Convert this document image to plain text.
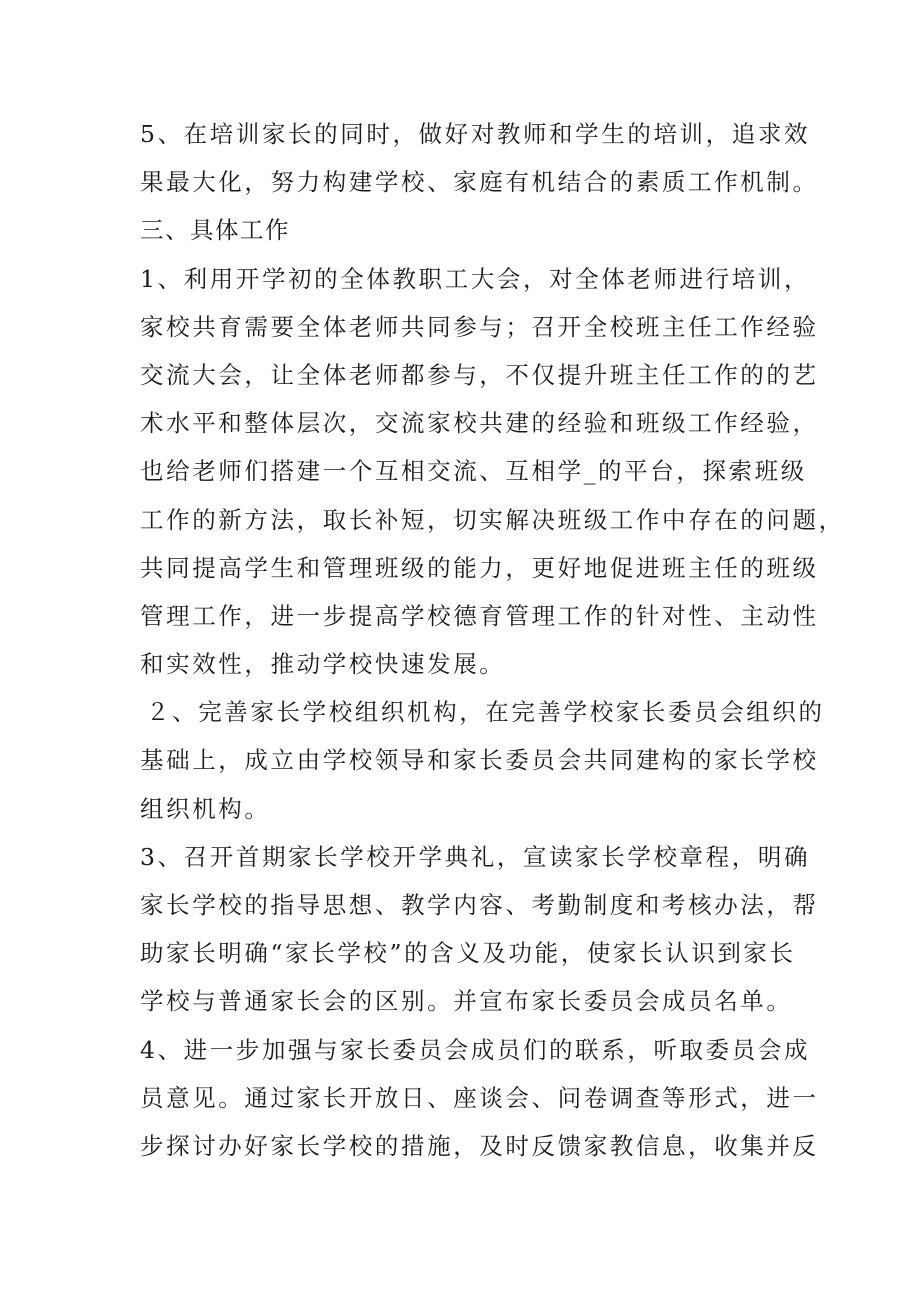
5、在培训家长的同时，做好对教师和学生的培训，追求效
果最大化，努力构建学校、家庭有机结合的素质工作机制。
三、具体工作
1、利用开学初的全体教职工大会，对全体老师进行培训，
家校共育需要全体老师共同参与；召开全校班主任工作经验
交流大会，让全体老师都参与，不仅提升班主任工作的的艺
术水平和整体层次，交流家校共建的经验和班级工作经验，
也给老师们搭建一个互相交流、互相学_的平台，探索班级
工作的新方法，取长补短，切实解决班级工作中存在的问题，
共同提高学生和管理班级的能力，更好地促进班主任的班级
管理工作，进一步提高学校德育管理工作的针对性、主动性
和实效性，推动学校快速发展。
２、完善家长学校组织机构，在完善学校家长委员会组织的
基础上，成立由学校领导和家长委员会共同建构的家长学校
组织机构。
3、召开首期家长学校开学典礼，宣读家长学校章程，明确
家长学校的指导思想、教学内容、考勤制度和考核办法，帮
助家长明确“家长学校”的含义及功能，使家长认识到家长
学校与普通家长会的区别。并宣布家长委员会成员名单。
4、进一步加强与家长委员会成员们的联系，听取委员会成
员意见。通过家长开放日、座谈会、问卷调查等形式，进一
步探讨办好家长学校的措施，及时反馈家教信息，收集并反
